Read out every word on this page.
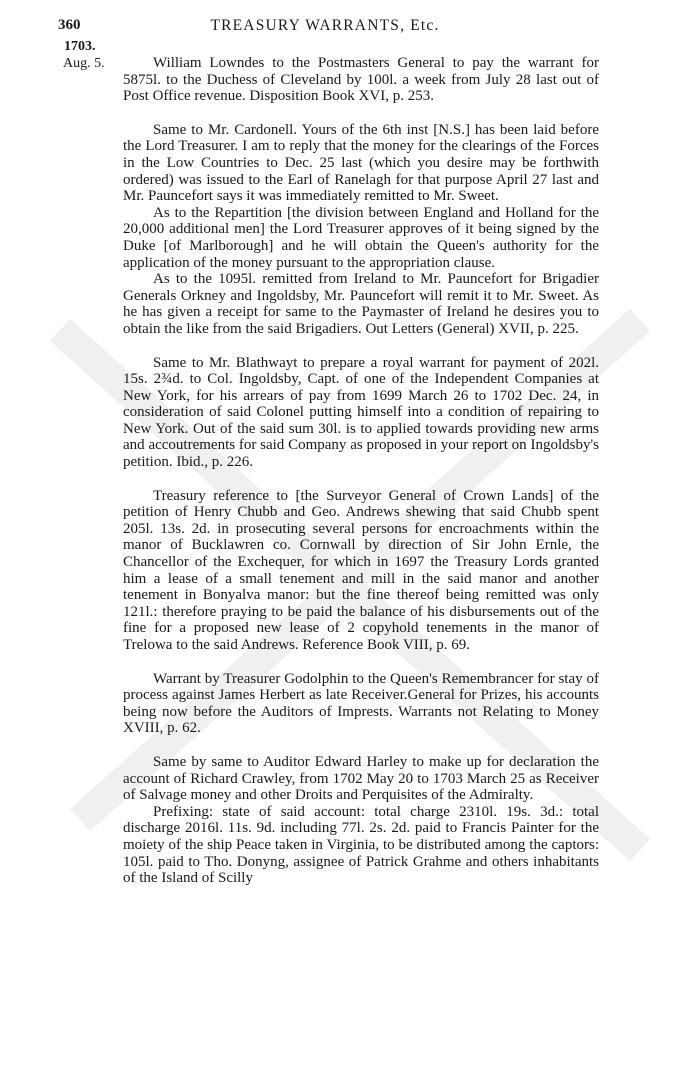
360	TREASURY WARRANTS, Etc.
1703.
Aug. 5.	William Lowndes to the Postmasters General to pay the warrant for 5875l. to the Duchess of Cleveland by 100l. a week from July 28 last out of Post Office revenue. Disposition Book XVI, p. 253.

Same to Mr. Cardonell. Yours of the 6th inst [N.S.] has been laid before the Lord Treasurer. I am to reply that the money for the clearings of the Forces in the Low Countries to Dec. 25 last (which you desire may be forthwith ordered) was issued to the Earl of Ranelagh for that purpose April 27 last and Mr. Pauncefort says it was immediately remitted to Mr. Sweet.

As to the Repartition [the division between England and Holland for the 20,000 additional men] the Lord Treasurer approves of it being signed by the Duke [of Marlborough] and he will obtain the Queen's authority for the application of the money pursuant to the appropriation clause.

As to the 1095l. remitted from Ireland to Mr. Pauncefort for Brigadier Generals Orkney and Ingoldsby, Mr. Pauncefort will remit it to Mr. Sweet. As he has given a receipt for same to the Paymaster of Ireland he desires you to obtain the like from the said Brigadiers. Out Letters (General) XVII, p. 225.

Same to Mr. Blathwayt to prepare a royal warrant for payment of 202l. 15s. 2¾d. to Col. Ingoldsby, Capt. of one of the Independent Companies at New York, for his arrears of pay from 1699 March 26 to 1702 Dec. 24, in consideration of said Colonel putting himself into a condition of repairing to New York. Out of the said sum 30l. is to applied towards providing new arms and accoutrements for said Company as proposed in your report on Ingoldsby's petition. Ibid., p. 226.

Treasury reference to [the Surveyor General of Crown Lands] of the petition of Henry Chubb and Geo. Andrews shewing that said Chubb spent 205l. 13s. 2d. in prosecuting several persons for encroachments within the manor of Bucklawren co. Cornwall by direction of Sir John Ernle, the Chancellor of the Exchequer, for which in 1697 the Treasury Lords granted him a lease of a small tenement and mill in the said manor and another tenement in Bonyalva manor: but the fine thereof being remitted was only 121l.: therefore praying to be paid the balance of his disbursements out of the fine for a proposed new lease of 2 copyhold tenements in the manor of Trelowa to the said Andrews. Reference Book VIII, p. 69.

Warrant by Treasurer Godolphin to the Queen's Remembrancer for stay of process against James Herbert as late Receiver.General for Prizes, his accounts being now before the Auditors of Imprests. Warrants not Relating to Money XVIII, p. 62.

Same by same to Auditor Edward Harley to make up for declaration the account of Richard Crawley, from 1702 May 20 to 1703 March 25 as Receiver of Salvage money and other Droits and Perquisites of the Admiralty.

Prefixing: state of said account: total charge 2310l. 19s. 3d.: total discharge 2016l. 11s. 9d. including 77l. 2s. 2d. paid to Francis Painter for the moiety of the ship Peace taken in Virginia, to be distributed among the captors: 105l. paid to Tho. Donyng, assignee of Patrick Grahme and others inhabitants of the Island of Scilly
